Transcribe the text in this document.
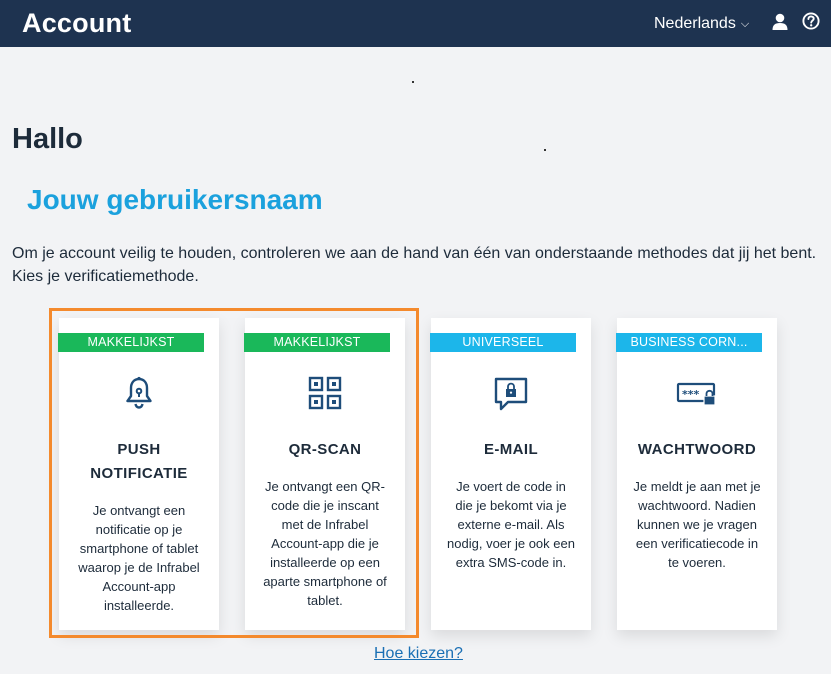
Account	Nederlands ⌵
Hallo
Jouw gebruikersnaam

Om je account veilig te houden, controleren we aan de hand van één van onderstaande methodes dat jij het bent.

Kies je verificatiemethode.

MAKKELIJKST
PUSH
NOTIFICATIE
Je ontvangt een notificatie op je smartphone of tablet waarop je de Infrabel Account-app installeerde.
MAKKELIJKST
QR-SCAN
Je ontvangt een QR-code die je inscant met de Infrabel Account-app die je installeerde op een aparte smartphone of tablet.
UNIVERSEEL
E-MAIL
Je voert de code in die je bekomt via je externe e-mail. Als nodig, voer je ook een extra SMS-code in.
BUSINESS CORN...
***
WACHTWOORD
Je meldt je aan met je wachtwoord. Nadien kunnen we je vragen een verificatiecode in te voeren.
Hoe kiezen?
